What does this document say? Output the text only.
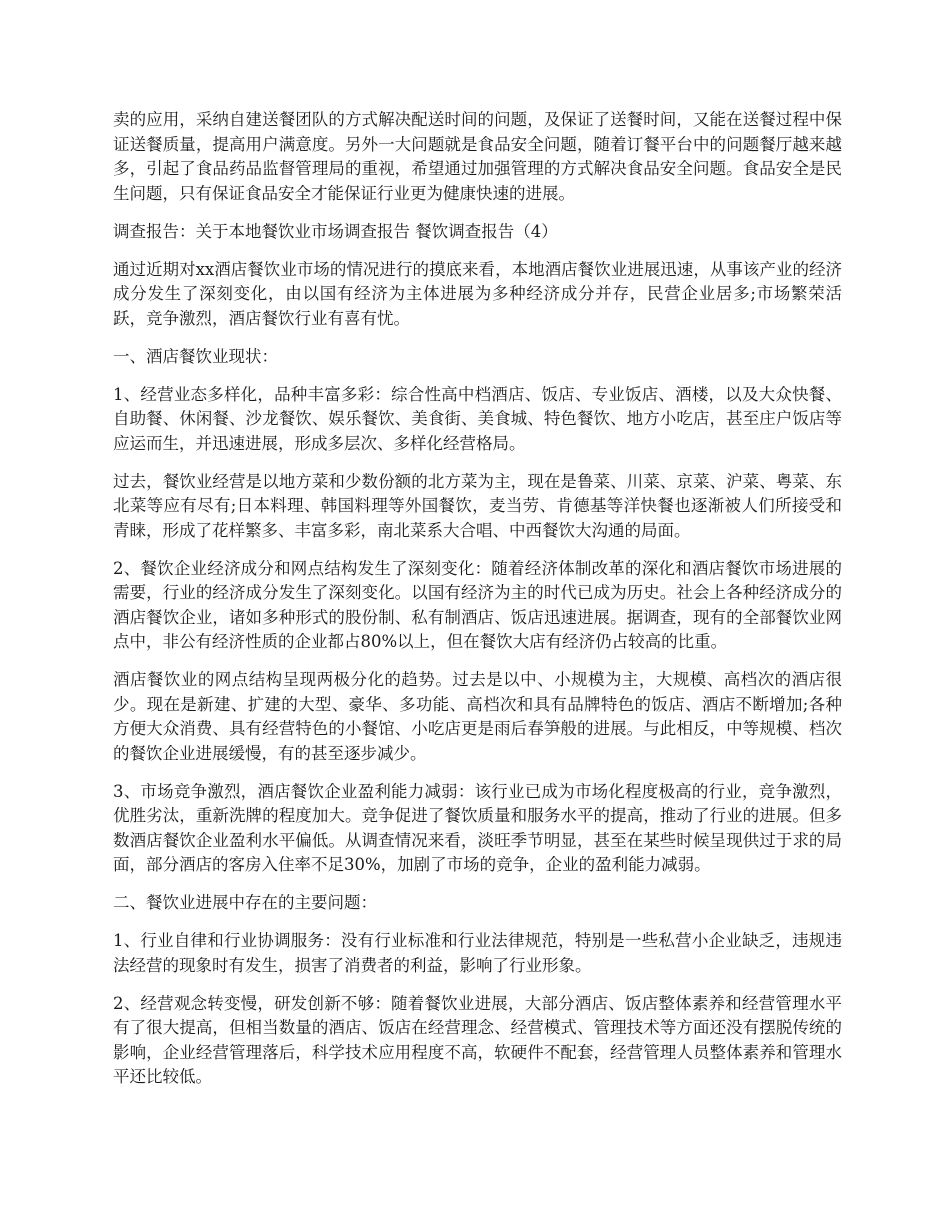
卖的应用，采纳自建送餐团队的方式解决配送时间的问题，及保证了送餐时间，又能在送餐过程中保证送餐质量，提高用户满意度。另外一大问题就是食品安全问题，随着订餐平台中的问题餐厅越来越多，引起了食品药品监督管理局的重视，希望通过加强管理的方式解决食品安全问题。食品安全是民生问题，只有保证食品安全才能保证行业更为健康快速的进展。

调查报告：关于本地餐饮业市场调查报告 餐饮调查报告（4）

通过近期对xx酒店餐饮业市场的情况进行的摸底来看，本地酒店餐饮业进展迅速，从事该产业的经济成分发生了深刻变化，由以国有经济为主体进展为多种经济成分并存，民营企业居多;市场繁荣活跃，竞争激烈，酒店餐饮行业有喜有忧。

一、酒店餐饮业现状：

1、经营业态多样化，品种丰富多彩：综合性高中档酒店、饭店、专业饭店、酒楼，以及大众快餐、自助餐、休闲餐、沙龙餐饮、娱乐餐饮、美食街、美食城、特色餐饮、地方小吃店，甚至庄户饭店等应运而生，并迅速进展，形成多层次、多样化经营格局。

过去，餐饮业经营是以地方菜和少数份额的北方菜为主，现在是鲁菜、川菜、京菜、沪菜、粤菜、东北菜等应有尽有;日本料理、韩国料理等外国餐饮，麦当劳、肯德基等洋快餐也逐渐被人们所接受和青睐，形成了花样繁多、丰富多彩，南北菜系大合唱、中西餐饮大沟通的局面。

2、餐饮企业经济成分和网点结构发生了深刻变化：随着经济体制改革的深化和酒店餐饮市场进展的需要，行业的经济成分发生了深刻变化。以国有经济为主的时代已成为历史。社会上各种经济成分的酒店餐饮企业，诸如多种形式的股份制、私有制酒店、饭店迅速进展。据调查，现有的全部餐饮业网点中，非公有经济性质的企业都占80%以上，但在餐饮大店有经济仍占较高的比重。

酒店餐饮业的网点结构呈现两极分化的趋势。过去是以中、小规模为主，大规模、高档次的酒店很少。现在是新建、扩建的大型、豪华、多功能、高档次和具有品牌特色的饭店、酒店不断增加;各种方便大众消费、具有经营特色的小餐馆、小吃店更是雨后春笋般的进展。与此相反，中等规模、档次的餐饮企业进展缓慢，有的甚至逐步减少。

3、市场竞争激烈，酒店餐饮企业盈利能力减弱：该行业已成为市场化程度极高的行业，竞争激烈，优胜劣汰，重新洗牌的程度加大。竞争促进了餐饮质量和服务水平的提高，推动了行业的进展。但多数酒店餐饮企业盈利水平偏低。从调查情况来看，淡旺季节明显，甚至在某些时候呈现供过于求的局面，部分酒店的客房入住率不足30%，加剧了市场的竞争，企业的盈利能力减弱。

二、餐饮业进展中存在的主要问题：

1、行业自律和行业协调服务：没有行业标准和行业法律规范，特别是一些私营小企业缺乏，违规违法经营的现象时有发生，损害了消费者的利益，影响了行业形象。

2、经营观念转变慢，研发创新不够：随着餐饮业进展，大部分酒店、饭店整体素养和经营管理水平有了很大提高，但相当数量的酒店、饭店在经营理念、经营模式、管理技术等方面还没有摆脱传统的影响，企业经营管理落后，科学技术应用程度不高，软硬件不配套，经营管理人员整体素养和管理水平还比较低。
